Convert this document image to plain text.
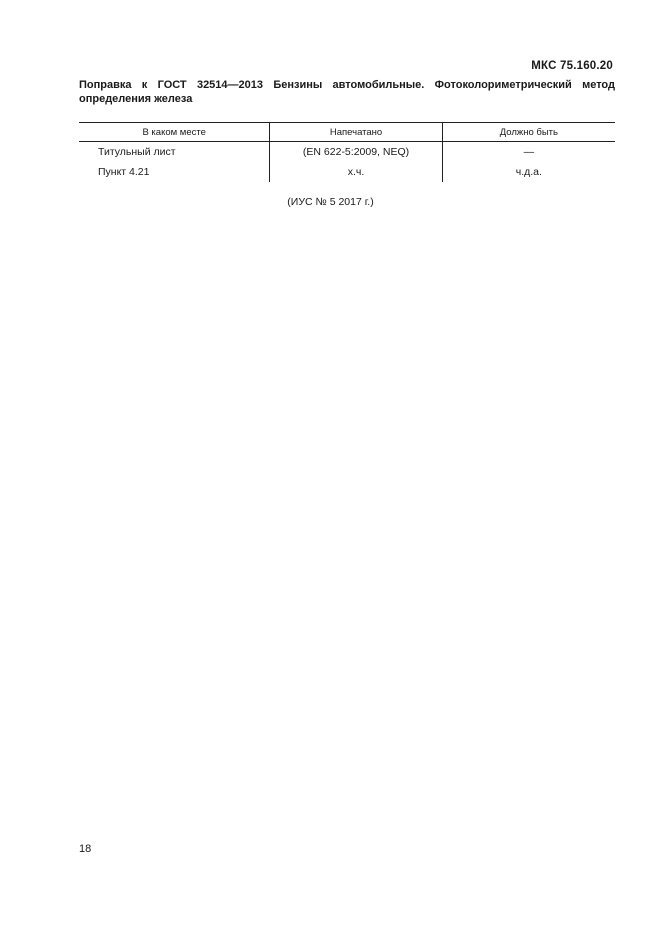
МКС 75.160.20
Поправка к ГОСТ 32514—2013 Бензины автомобильные. Фотоколориметрический метод определения железа
В каком месте	Напечатано	Должно быть
Титульный лист	(EN 622-5:2009, NEQ)	—
Пункт 4.21	х.ч.	ч.д.а.
(ИУС № 5 2017 г.)
18
